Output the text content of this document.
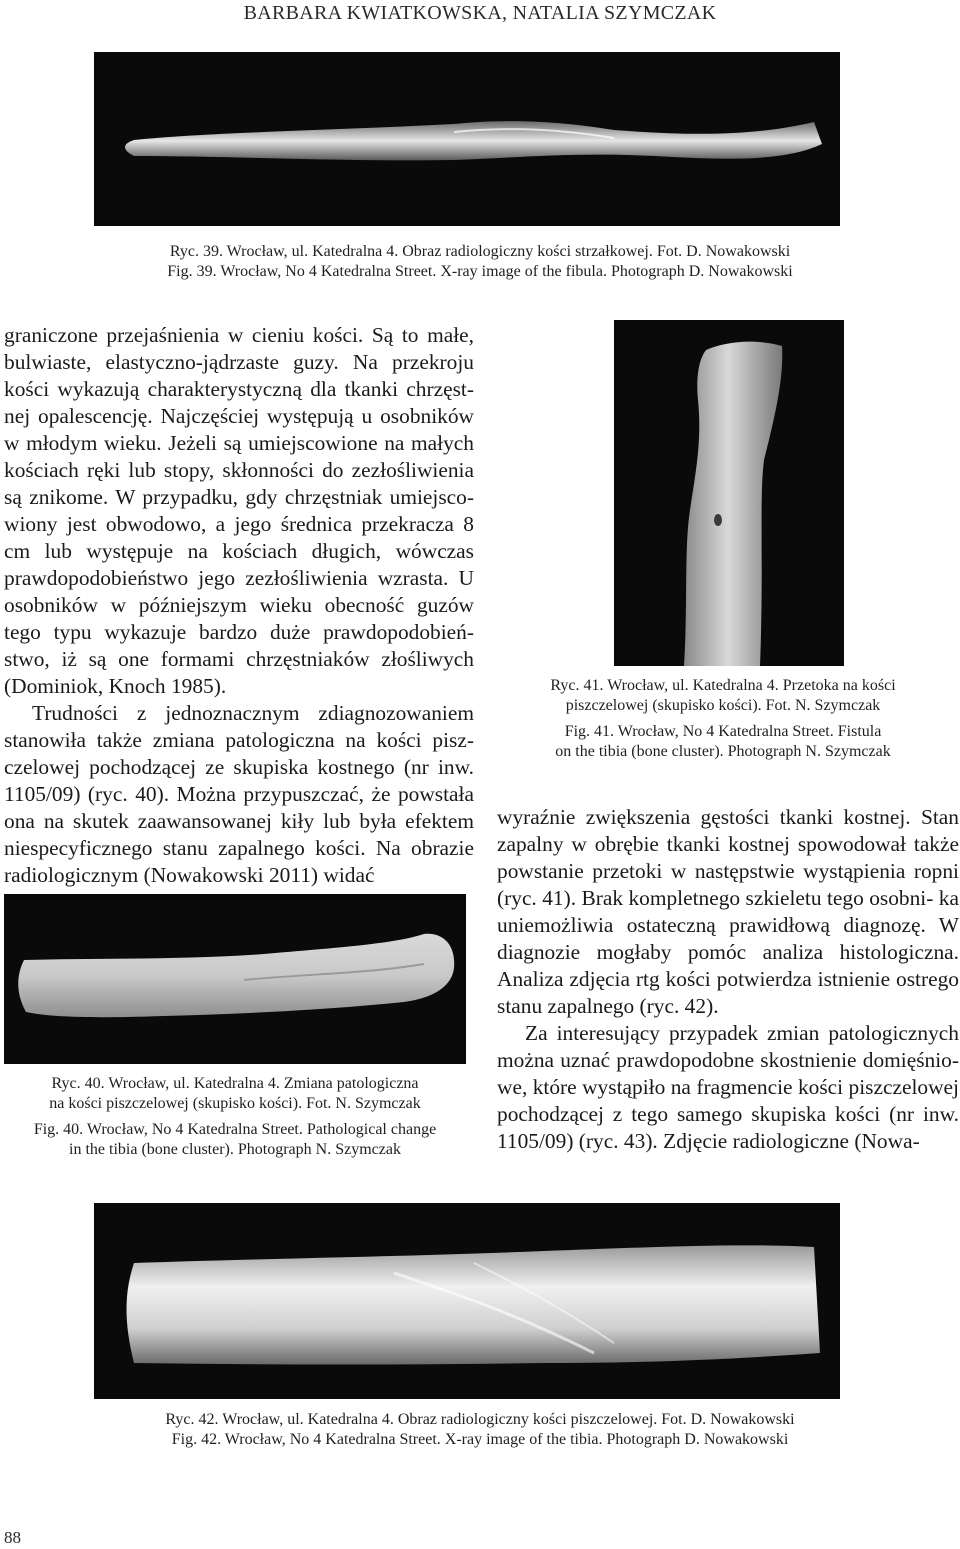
BARBARA KWIATKOWSKA, NATALIA SZYMCZAK

Ryc. 39. Wrocław, ul. Katedralna 4. Obraz radiologiczny kości strzałkowej. Fot. D. Nowakowski

Fig. 39. Wrocław, No 4 Katedralna Street. X-ray image of the fibula. Photograph D. Nowakowski

graniczone przejaśnienia w cieniu kości. Są to małe, bulwiaste, elastyczno-jądrzaste guzy. Na przekroju kości wykazują charakterystyczną dla tkanki chrzęst- nej opalescencję. Najczęściej występują u osobników w młodym wieku. Jeżeli są umiejscowione na małych kościach ręki lub stopy, skłonności do zezłośliwienia są znikome. W przypadku, gdy chrzęstniak umiejsco- wiony jest obwodowo, a jego średnica przekracza 8 cm lub występuje na kościach długich, wówczas prawdopodobieństwo jego zezłośliwienia wzrasta. U osobników w późniejszym wieku obecność guzów tego typu wykazuje bardzo duże prawdopodobień- stwo, iż są one formami chrzęstniaków złośliwych (Dominiok, Knoch 1985).

Trudności z jednoznacznym zdiagnozowaniem stanowiła także zmiana patologiczna na kości pisz- czelowej pochodzącej ze skupiska kostnego (nr inw. 1105/09) (ryc. 40). Można przypuszczać, że powstała ona na skutek zaawansowanej kiły lub była efektem niespecyficznego stanu zapalnego kości. Na obrazie radiologicznym (Nowakowski 2011) widać

Ryc. 40. Wrocław, ul. Katedralna 4. Zmiana patologiczna

na kości piszczelowej (skupisko kości). Fot. N. Szymczak

Fig. 40. Wrocław, No 4 Katedralna Street. Pathological change

in the tibia (bone cluster). Photograph N. Szymczak

Ryc. 41. Wrocław, ul. Katedralna 4. Przetoka na kości

piszczelowej (skupisko kości). Fot. N. Szymczak

Fig. 41. Wrocław, No 4 Katedralna Street. Fistula

on the tibia (bone cluster). Photograph N. Szymczak

wyraźnie zwiększenia gęstości tkanki kostnej. Stan zapalny w obrębie tkanki kostnej spowodował także powstanie przetoki w następstwie wystąpienia ropni (ryc. 41). Brak kompletnego szkieletu tego osobni- ka uniemożliwia ostateczną prawidłową diagnozę. W diagnozie mogłaby pomóc analiza histologiczna. Analiza zdjęcia rtg kości potwierdza istnienie ostrego stanu zapalnego (ryc. 42).

Za interesujący przypadek zmian patologicznych można uznać prawdopodobne skostnienie domięśnio- we, które wystąpiło na fragmencie kości piszczelowej pochodzącej z tego samego skupiska kości (nr inw. 1105/09) (ryc. 43). Zdjęcie radiologiczne (Nowa-

Ryc. 42. Wrocław, ul. Katedralna 4. Obraz radiologiczny kości piszczelowej. Fot. D. Nowakowski

Fig. 42. Wrocław, No 4 Katedralna Street. X-ray image of the tibia. Photograph D. Nowakowski

88
